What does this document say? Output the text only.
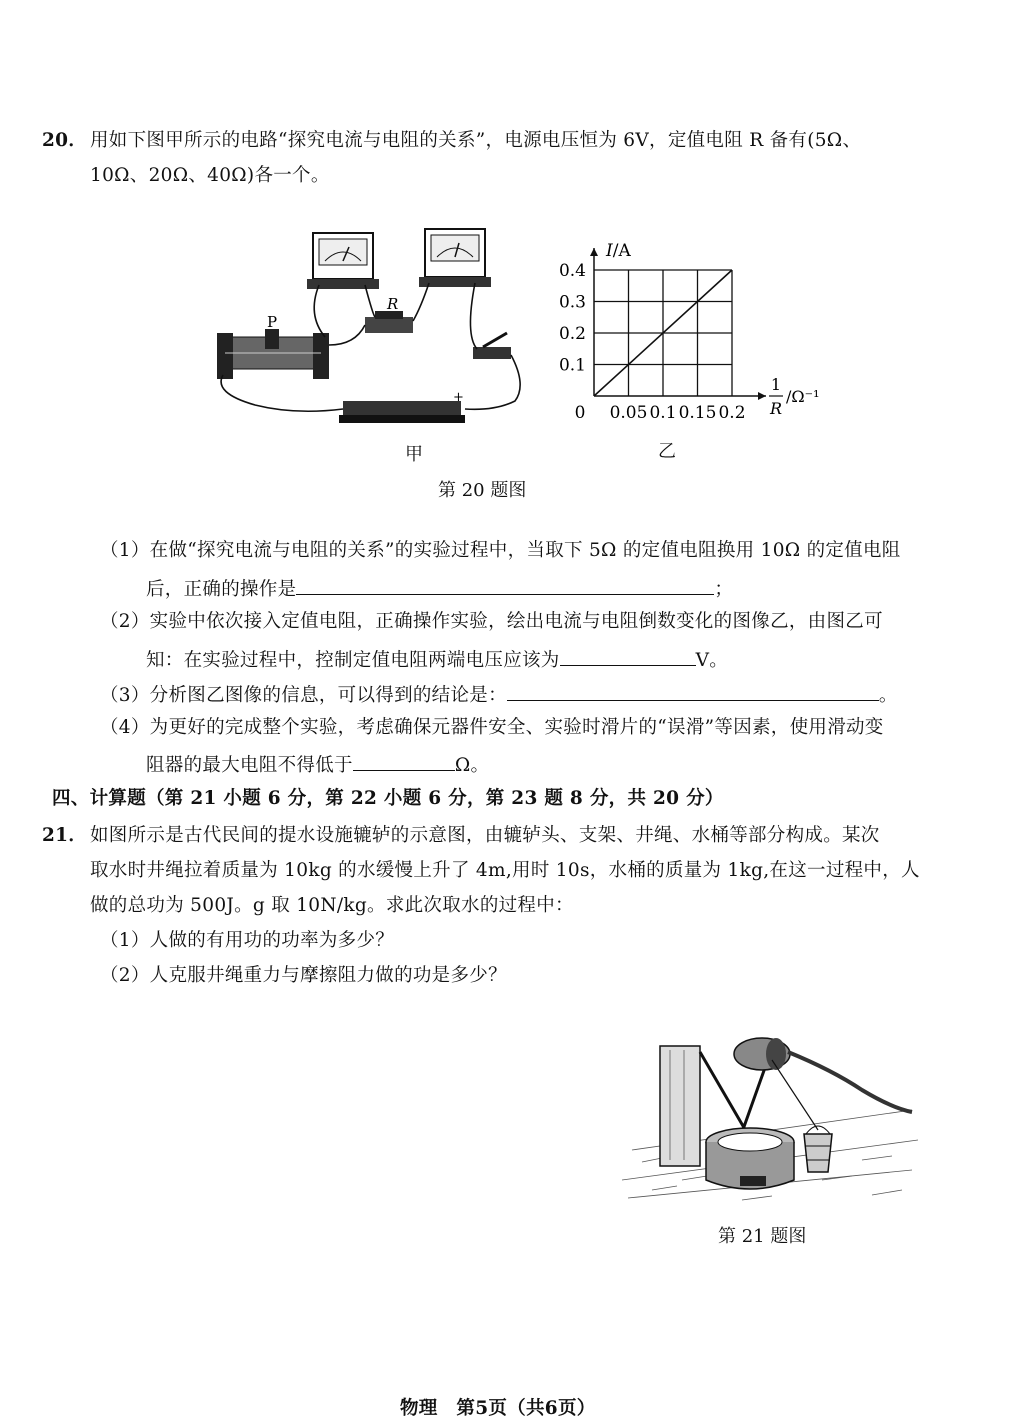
20． 用如下图甲所示的电路“探究电流与电阻的关系”，电源电压恒为 6V，定值电阻 R 备有(5Ω、
10Ω、20Ω、40Ω)各一个。
R
P
+
甲
0.05 0.1 0.15 0.2
0.1
0.2
0.3
0.4
0
I/A
1
R
/Ω⁻¹
乙
第 20 题图
（1）在做“探究电流与电阻的关系”的实验过程中，当取下 5Ω 的定值电阻换用 10Ω 的定值电阻
后，正确的操作是	；
（2）实验中依次接入定值电阻，正确操作实验，绘出电流与电阻倒数变化的图像乙，由图乙可
知：在实验过程中，控制定值电阻两端电压应该为	V。
（3）分析图乙图像的信息，可以得到的结论是：	。
（4）为更好的完成整个实验，考虑确保元器件安全、实验时滑片的“误滑”等因素，使用滑动变
阻器的最大电阻不得低于	Ω。
四、计算题（第 21 小题 6 分，第 22 小题 6 分，第 23 题 8 分，共 20 分）
21． 如图所示是古代民间的提水设施辘轳的示意图，由辘轳头、支架、井绳、水桶等部分构成。某次
取水时井绳拉着质量为 10kg 的水缓慢上升了 4m,用时 10s，水桶的质量为 1kg,在这一过程中，人
做的总功为 500J。g 取 10N/kg。求此次取水的过程中：
（1）人做的有用功的功率为多少？
（2）人克服井绳重力与摩擦阻力做的功是多少？
第 21 题图
物理　第5页（共6页）
